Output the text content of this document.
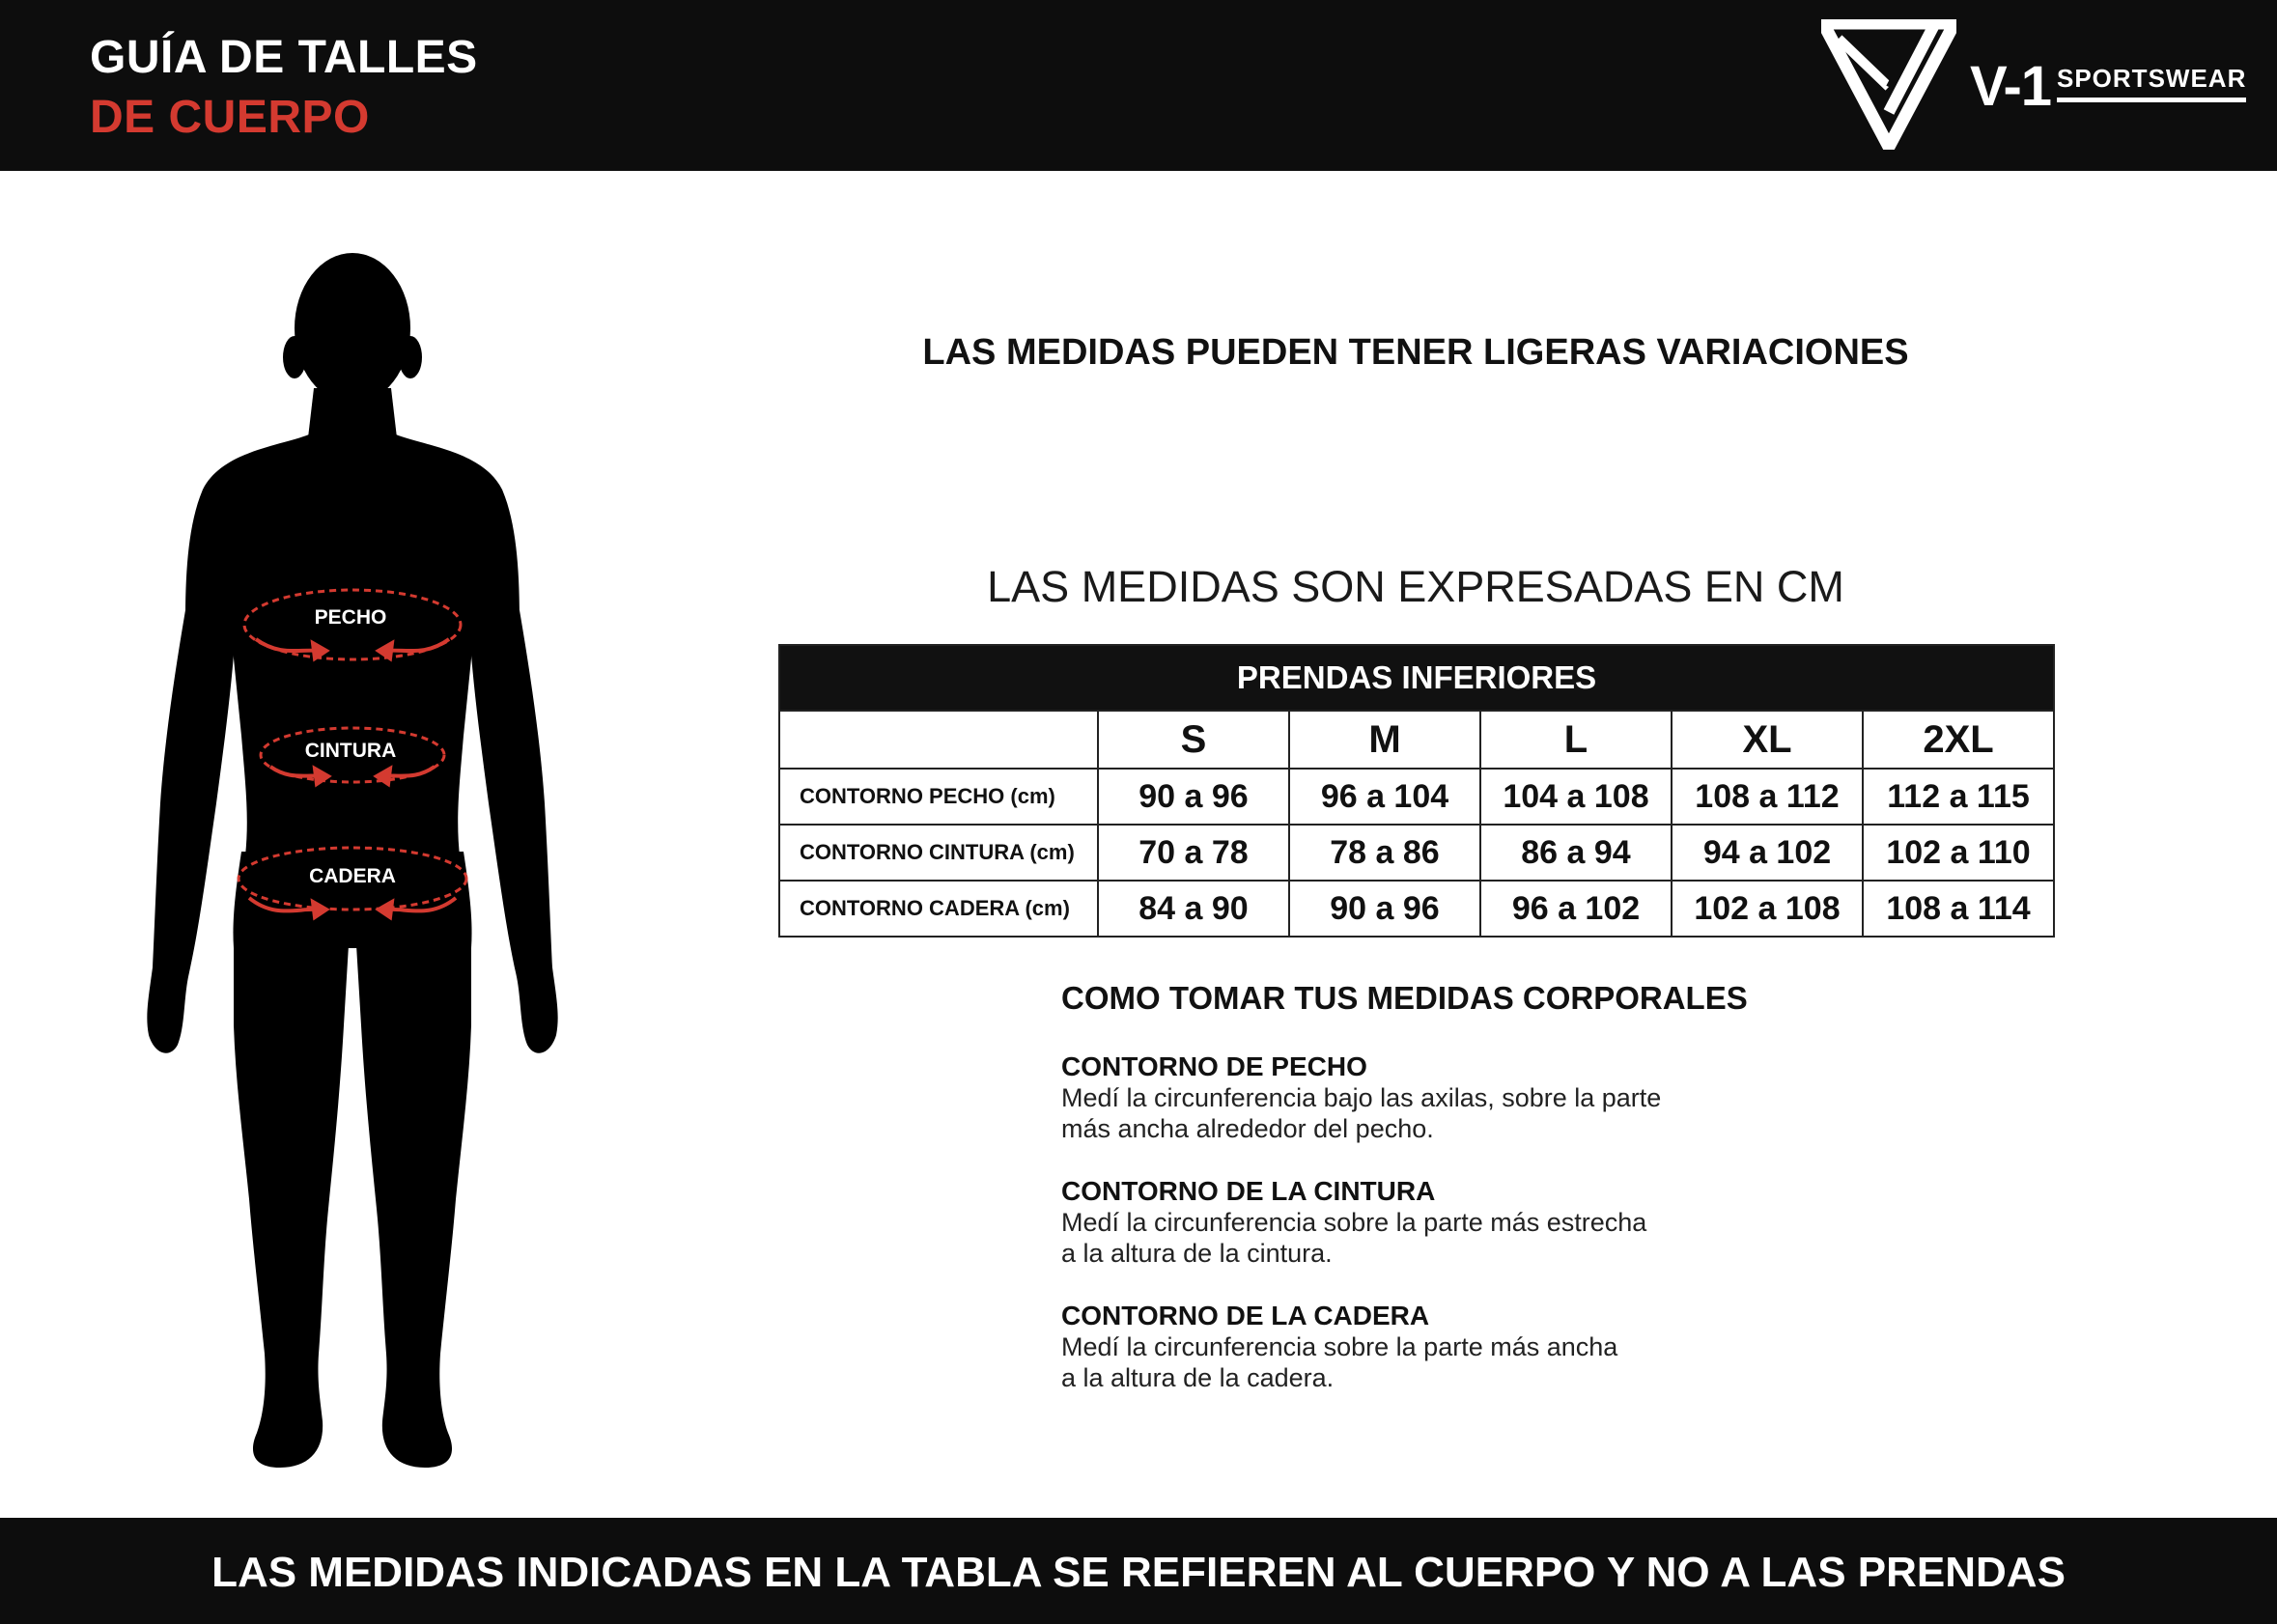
GUÍA DE TALLES
DE CUERPO	V-1 SPORTSWEAR
PECHO
CINTURA
CADERA
LAS MEDIDAS PUEDEN TENER LIGERAS VARIACIONES
LAS MEDIDAS SON EXPRESADAS EN CM
PRENDAS INFERIORES					
	S	M	L	XL	2XL
CONTORNO PECHO (cm)	90 a 96	96 a 104	104 a 108	108 a 112	112 a 115
CONTORNO CINTURA (cm)	70 a 78	78 a 86	86 a 94	94 a 102	102 a 110
CONTORNO CADERA (cm)	84 a 90	90 a 96	96 a 102	102 a 108	108 a 114
COMO TOMAR TUS MEDIDAS CORPORALES
CONTORNO DE PECHO
Medí la circunferencia bajo las axilas, sobre la parte
más ancha alrededor del pecho.
CONTORNO DE LA CINTURA
Medí la circunferencia sobre la parte más estrecha
a la altura de la cintura.
CONTORNO DE LA CADERA
Medí la circunferencia sobre la parte más ancha
a la altura de la cadera.
LAS MEDIDAS INDICADAS EN LA TABLA SE REFIEREN AL CUERPO Y NO A LAS PRENDAS
